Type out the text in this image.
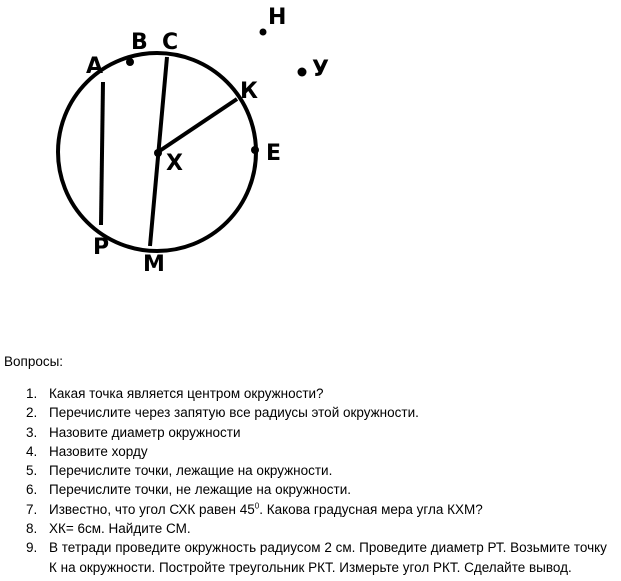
А
В С
Н
У
К
Е
Х
Р
М

Вопросы:

1. Какая точка является центром окружности?
2. Перечислите через запятую все радиусы этой окружности.
3. Назовите диаметр окружности
4. Назовите хорду
5. Перечислите точки, лежащие на окружности.
6. Перечислите точки, не лежащие на окружности.
7. Известно, что угол СХК равен $45^0$. Какова градусная мера угла КХМ?
8. ХК= 6см. Найдите СМ.
9. В тетради проведите окружность радиусом 2 см. Проведите диаметр РТ. Возьмите точку К на окружности. Постройте треугольник РКТ. Измерьте угол РКТ. Сделайте вывод.
